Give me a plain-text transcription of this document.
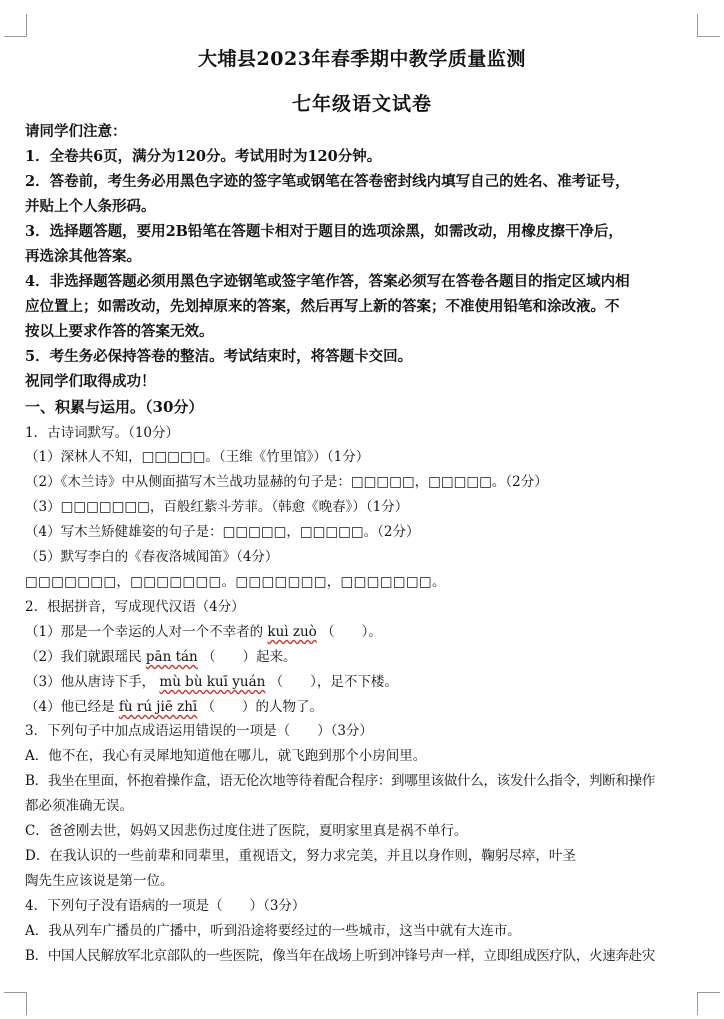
大埔县2023年春季期中教学质量监测
七年级语文试卷
请同学们注意：
1．全卷共6页，满分为120分。考试用时为120分钟。
2．答卷前，考生务必用黑色字迹的签字笔或钢笔在答卷密封线内填写自己的姓名、准考证号，
并贴上个人条形码。
3．选择题答题，要用2B铅笔在答题卡相对于题目的选项涂黑，如需改动，用橡皮擦干净后，
再选涂其他答案。
4．非选择题答题必须用黑色字迹钢笔或签字笔作答，答案必须写在答卷各题目的指定区域内相
应位置上；如需改动，先划掉原来的答案，然后再写上新的答案；不准使用铅笔和涂改液。不
按以上要求作答的答案无效。
5．考生务必保持答卷的整洁。考试结束时，将答题卡交回。
祝同学们取得成功！
一、积累与运用。（30分）
1．古诗词默写。（10分）
（1）深林人不知，□□□□□。（王维《竹里馆》）（1分）
（2）《木兰诗》中从侧面描写木兰战功显赫的句子是：□□□□□，□□□□□。（2分）
（3）□□□□□□□，百般红紫斗芳菲。（韩愈《晚春》）（1分）
（4）写木兰矫健雄姿的句子是：□□□□□，□□□□□。（2分）
（5）默写李白的《春夜洛城闻笛》（4分）
□□□□□□□，□□□□□□□。□□□□□□□，□□□□□□□。
2．根据拼音，写成现代汉语（4分）
（1）那是一个幸运的人对一个不幸者的 kuì zuò （　　）。
（2）我们就跟瑶民 pān tán （　　）起来。
（3）他从唐诗下手， mù bù kuī yuán （　　），足不下楼。
（4）他已经是 fù rú jiē zhī （　　）的人物了。
3．下列句子中加点成语运用错误的一项是（　　）（3分）
A．他不在，我心有灵犀地知道他在哪儿，就飞跑到那个小房间里。
B．我坐在里面，怀抱着操作盒，语无伦次地等待着配合程序：到哪里该做什么，该发什么指令，判断和操作
都必须准确无误。
C．爸爸刚去世，妈妈又因悲伤过度住进了医院，夏明家里真是祸不单行。
D．在我认识的一些前辈和同辈里，重视语文，努力求完美，并且以身作则，鞠躬尽瘁，叶圣
陶先生应该说是第一位。
4．下列句子没有语病的一项是（　　）（3分）
A．我从列车广播员的广播中，听到沿途将要经过的一些城市，这当中就有大连市。
B．中国人民解放军北京部队的一些医院，像当年在战场上听到冲锋号声一样，立即组成医疗队，火速奔赴灾
